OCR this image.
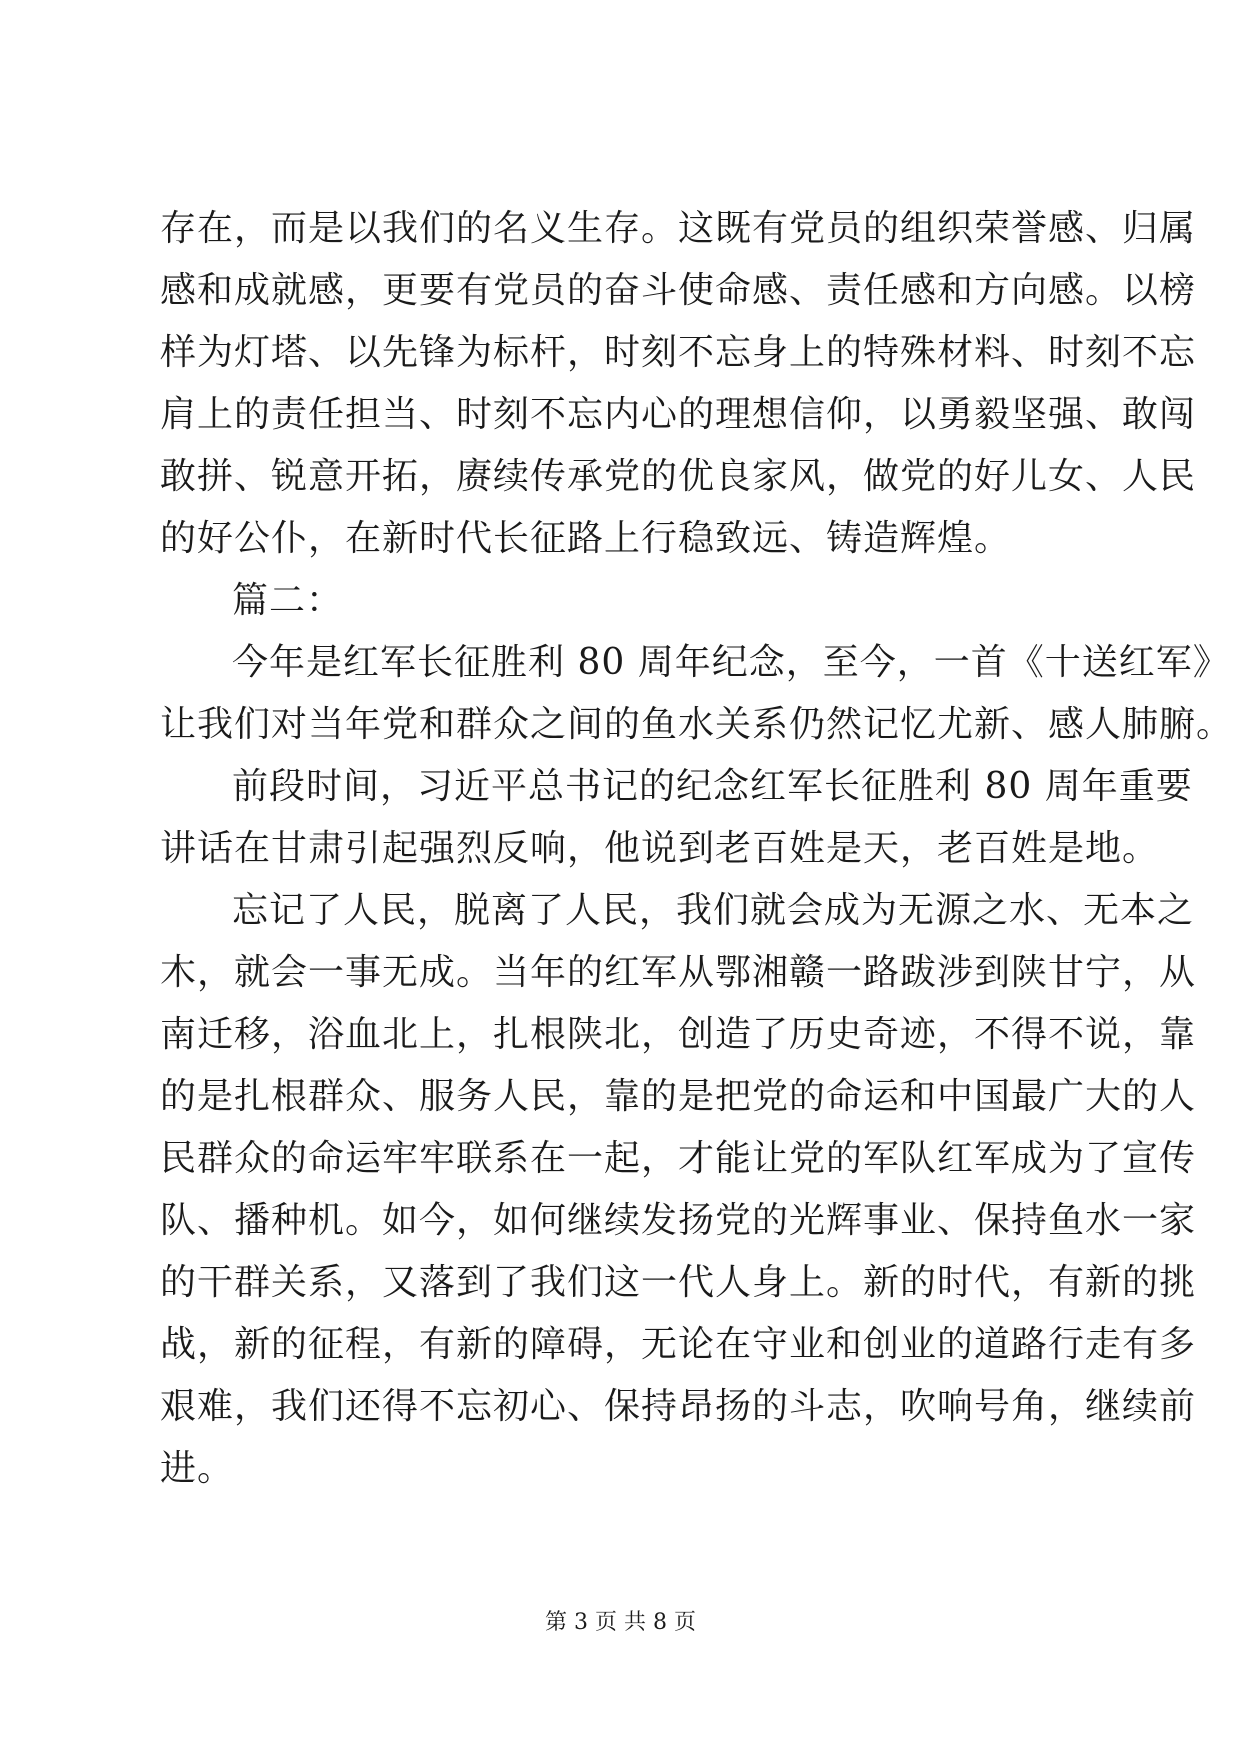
存在，而是以我们的名义生存。这既有党员的组织荣誉感、归属
感和成就感，更要有党员的奋斗使命感、责任感和方向感。以榜
样为灯塔、以先锋为标杆，时刻不忘身上的特殊材料、时刻不忘
肩上的责任担当、时刻不忘内心的理想信仰，以勇毅坚强、敢闯
敢拼、锐意开拓，赓续传承党的优良家风，做党的好儿女、人民
的好公仆，在新时代长征路上行稳致远、铸造辉煌。
篇二：
今年是红军长征胜利 80 周年纪念，至今，一首《十送红军》
让我们对当年党和群众之间的鱼水关系仍然记忆尤新、感人肺腑。
前段时间，习近平总书记的纪念红军长征胜利 80 周年重要
讲话在甘肃引起强烈反响，他说到老百姓是天，老百姓是地。
忘记了人民，脱离了人民，我们就会成为无源之水、无本之
木，就会一事无成。当年的红军从鄂湘赣一路跋涉到陕甘宁，从
南迁移，浴血北上，扎根陕北，创造了历史奇迹，不得不说，靠
的是扎根群众、服务人民，靠的是把党的命运和中国最广大的人
民群众的命运牢牢联系在一起，才能让党的军队红军成为了宣传
队、播种机。如今，如何继续发扬党的光辉事业、保持鱼水一家
的干群关系，又落到了我们这一代人身上。新的时代，有新的挑
战，新的征程，有新的障碍，无论在守业和创业的道路行走有多
艰难，我们还得不忘初心、保持昂扬的斗志，吹响号角，继续前
进。
第 3 页 共 8 页
